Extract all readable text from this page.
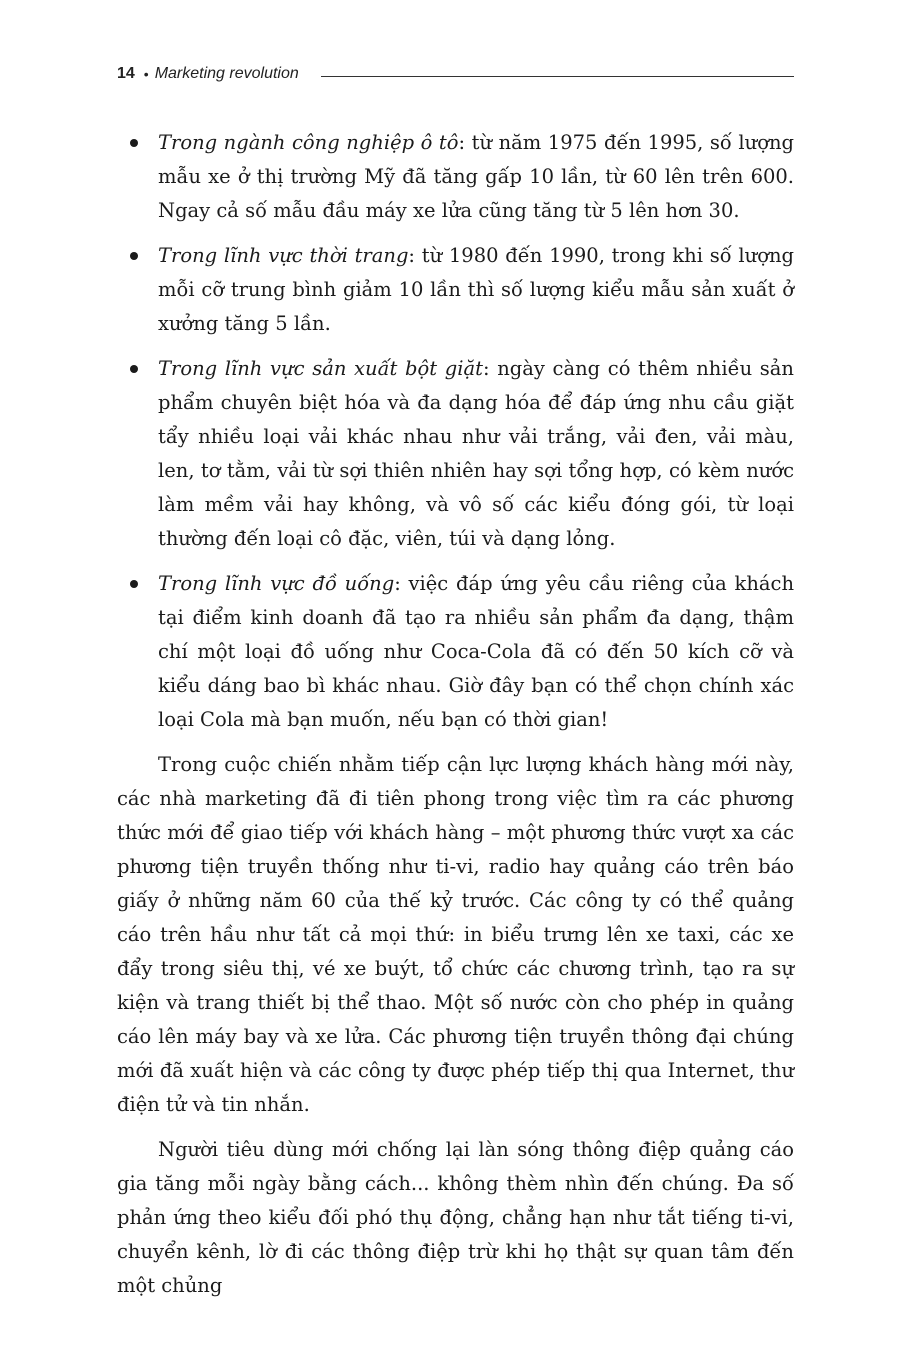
14 • Marketing revolution
Trong ngành công nghiệp ô tô: từ năm 1975 đến 1995, số lượng mẫu xe ở thị trường Mỹ đã tăng gấp 10 lần, từ 60 lên trên 600. Ngay cả số mẫu đầu máy xe lửa cũng tăng từ 5 lên hơn 30.
Trong lĩnh vực thời trang: từ 1980 đến 1990, trong khi số lượng mỗi cỡ trung bình giảm 10 lần thì số lượng kiểu mẫu sản xuất ở xưởng tăng 5 lần.
Trong lĩnh vực sản xuất bột giặt: ngày càng có thêm nhiều sản phẩm chuyên biệt hóa và đa dạng hóa để đáp ứng nhu cầu giặt tẩy nhiều loại vải khác nhau như vải trắng, vải đen, vải màu, len, tơ tằm, vải từ sợi thiên nhiên hay sợi tổng hợp, có kèm nước làm mềm vải hay không, và vô số các kiểu đóng gói, từ loại thường đến loại cô đặc, viên, túi và dạng lỏng.
Trong lĩnh vực đồ uống: việc đáp ứng yêu cầu riêng của khách tại điểm kinh doanh đã tạo ra nhiều sản phẩm đa dạng, thậm chí một loại đồ uống như Coca-Cola đã có đến 50 kích cỡ và kiểu dáng bao bì khác nhau. Giờ đây bạn có thể chọn chính xác loại Cola mà bạn muốn, nếu bạn có thời gian!

Trong cuộc chiến nhằm tiếp cận lực lượng khách hàng mới này, các nhà marketing đã đi tiên phong trong việc tìm ra các phương thức mới để giao tiếp với khách hàng – một phương thức vượt xa các phương tiện truyền thống như ti-vi, radio hay quảng cáo trên báo giấy ở những năm 60 của thế kỷ trước. Các công ty có thể quảng cáo trên hầu như tất cả mọi thứ: in biểu trưng lên xe taxi, các xe đẩy trong siêu thị, vé xe buýt, tổ chức các chương trình, tạo ra sự kiện và trang thiết bị thể thao. Một số nước còn cho phép in quảng cáo lên máy bay và xe lửa. Các phương tiện truyền thông đại chúng mới đã xuất hiện và các công ty được phép tiếp thị qua Internet, thư điện tử và tin nhắn.

Người tiêu dùng mới chống lại làn sóng thông điệp quảng cáo gia tăng mỗi ngày bằng cách... không thèm nhìn đến chúng. Đa số phản ứng theo kiểu đối phó thụ động, chẳng hạn như tắt tiếng ti-vi, chuyển kênh, lờ đi các thông điệp trừ khi họ thật sự quan tâm đến một chủng
